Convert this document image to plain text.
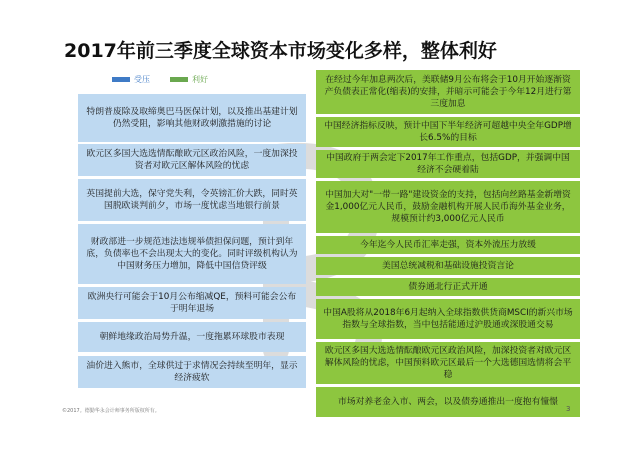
2017年前三季度全球资本市场变化多样，整体利好
受压	利好
特朗普废除及取缔奥巴马医保计划，以及推出基建计划仍然受阻，影响其他财政刺激措施的讨论
欧元区多国大选选情酝酿欧元区政治风险，一度加深投资者对欧元区解体风险的忧虑
英国提前大选，保守党失利，令英镑汇价大跌，同时英国脱欧谈判前夕，市场一度忧虑当地银行前景
财政部进一步规范违法违规举债担保问题，预计到年底，负债率也不会出现太大的变化。同时评级机构认为中国财务压力增加，降低中国信贷评级
欧洲央行可能会于10月公布缩减QE，预料可能会公布于明年退场
朝鲜地缘政治局势升温，一度拖累环球股市表现
油价进入熊市，全球供过于求情况会持续至明年，显示经济疲软
在经过今年加息两次后，美联储9月公布将会于10月开始逐渐资产负债表正常化(缩表)的安排，并暗示可能会于今年12月进行第三度加息
中国经济指标反映，预计中国下半年经济可超越中央全年GDP增长6.5%的目标
中国政府于两会定下2017年工作重点，包括GDP，并强调中国经济不会硬着陆
中国加大对"一带一路"建设资金的支持，包括向丝路基金新增资金1,000亿元人民币，鼓励金融机构开展人民币海外基金业务，规模预计约3,000亿元人民币
今年迄今人民币汇率走强，资本外流压力放缓
美国总统减税和基础设施投资言论
债券通北行正式开通
中国A股将从2018年6月起纳入全球指数供货商MSCI的新兴市场指数与全球指数，当中包括能通过沪股通或深股通交易
欧元区多国大选选情酝酿欧元区政治风险，加深投资者对欧元区解体风险的忧虑，中国预料欧元区最后一个大选德国选情将会平稳
市场对养老金入市、两会，以及债券通推出一度抱有憧憬
©2017。德勤华永会计师事务所版权所有。	3
